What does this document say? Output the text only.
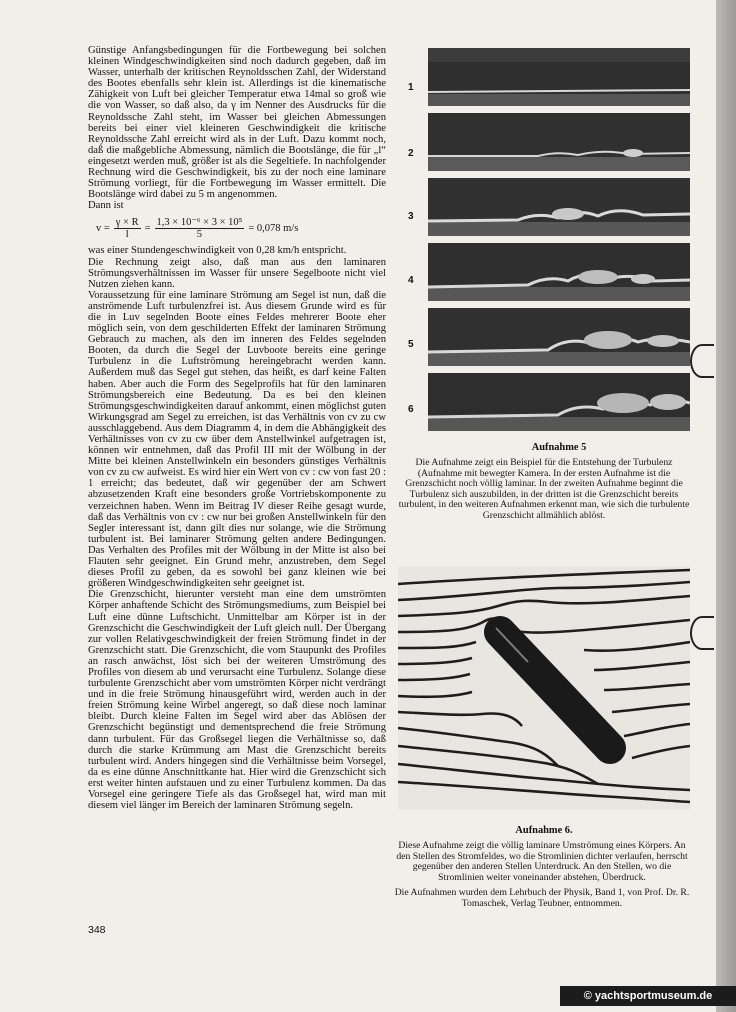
Günstige Anfangsbedingungen für die Fortbewegung bei solchen kleinen Windgeschwindigkeiten sind noch dadurch gegeben, daß im Wasser, unterhalb der kritischen Reynoldsschen Zahl, der Widerstand des Bootes ebenfalls sehr klein ist. Allerdings ist die kinematische Zähigkeit von Luft bei gleicher Temperatur etwa 14mal so groß wie die von Wasser, so daß also, da γ im Nenner des Ausdrucks für die Reynoldssche Zahl steht, im Wasser bei gleichen Abmessungen bereits bei einer viel kleineren Geschwindigkeit die kritische Reynoldssche Zahl erreicht wird als in der Luft. Dazu kommt noch, daß die maßgebliche Abmessung, nämlich die Bootslänge, die für „l“ eingesetzt werden muß, größer ist als die Segeltiefe. In nachfolgender Rechnung wird die Geschwindigkeit, bis zu der noch eine laminare Strömung vorliegt, für die Fortbewegung im Wasser ermittelt. Die Bootslänge wird dabei zu 5 m angenommen.

Dann ist

$v = \frac{\gamma \times R}{l} = \frac{\text{1,3 × 10⁻⁶ × 3 × 10⁵}}{5} = 0,078$ m/s

was einer Stundengeschwindigkeit von 0,28 km/h entspricht.

Die Rechnung zeigt also, daß man aus den laminaren Strömungsverhältnissen im Wasser für unsere Segelboote nicht viel Nutzen ziehen kann.

Voraussetzung für eine laminare Strömung am Segel ist nun, daß die anströmende Luft turbulenzfrei ist. Aus diesem Grunde wird es für die in Luv segelnden Boote eines Feldes mehrerer Boote eher möglich sein, von dem geschilderten Effekt der laminaren Strömung Gebrauch zu machen, als den im inneren des Feldes segelnden Booten, da durch die Segel der Luvboote bereits eine geringe Turbulenz in die Luftströmung hereingebracht werden kann. Außerdem muß das Segel gut stehen, das heißt, es darf keine Falten haben. Aber auch die Form des Segelprofils hat für den laminaren Strömungsbereich eine Bedeutung. Da es bei den kleinen Strömungsgeschwindigkeiten darauf ankommt, einen möglichst guten Wirkungsgrad am Segel zu erreichen, ist das Verhältnis von cv zu cw ausschlaggebend. Aus dem Diagramm 4, in dem die Abhängigkeit des Verhältnisses von cv zu cw über dem Anstellwinkel aufgetragen ist, können wir entnehmen, daß das Profil III mit der Wölbung in der Mitte bei kleinen Anstellwinkeln ein besonders günstiges Verhältnis von cv zu cw aufweist. Es wird hier ein Wert von cv : cw von fast 20 : 1 erreicht; das bedeutet, daß wir gegenüber der am Schwert abzusetzenden Kraft eine besonders große Vortriebskomponente zu verzeichnen haben. Wenn im Beitrag IV dieser Reihe gesagt wurde, daß das Verhältnis von cv : cw nur bei großen Anstellwinkeln für den Segler interessant ist, dann gilt dies nur solange, wie die Strömung turbulent ist. Bei laminarer Strömung gelten andere Bedingungen. Das Verhalten des Profiles mit der Wölbung in der Mitte ist also bei Flauten sehr geeignet. Ein Grund mehr, anzustreben, dem Segel dieses Profil zu geben, da es sowohl bei ganz kleinen wie bei größeren Windgeschwindigkeiten sehr geeignet ist.

Die Grenzschicht, hierunter versteht man eine dem umströmten Körper anhaftende Schicht des Strömungsmediums, zum Beispiel bei Luft eine dünne Luftschicht. Unmittelbar am Körper ist in der Grenzschicht die Geschwindigkeit der Luft gleich null. Der Übergang zur vollen Relativgeschwindigkeit der freien Strömung findet in der Grenzschicht statt. Die Grenzschicht, die vom Staupunkt des Profiles an rasch anwächst, löst sich bei der weiteren Umströmung des Profiles von diesem ab und verursacht eine Turbulenz. Solange diese turbulente Grenzschicht aber vom umströmten Körper nicht verdrängt und in die freie Strömung hinausgeführt wird, werden auch in der freien Strömung keine Wirbel angeregt, so daß diese noch laminar bleibt. Durch kleine Falten im Segel wird aber das Ablösen der Grenzschicht begünstigt und dementsprechend die freie Strömung dann turbulent. Für das Großsegel liegen die Verhältnisse so, daß durch die starke Krümmung am Mast die Grenzschicht bereits turbulent wird. Anders hingegen sind die Verhältnisse beim Vorsegel, da es eine dünne Anschnittkante hat. Hier wird die Grenzschicht sich erst weiter hinten aufstauen und zu einer Turbulenz kommen. Da das Vorsegel eine geringere Tiefe als das Großsegel hat, wird man mit diesem viel länger im Bereich der laminaren Strömung segeln.

1
2
3
4
5
6
Aufnahme 5
Die Aufnahme zeigt ein Beispiel für die Entstehung der Turbulenz (Aufnahme mit bewegter Kamera. In der ersten Aufnahme ist die Grenzschicht noch völlig laminar. In der zweiten Aufnahme beginnt die Turbulenz sich auszubilden, in der dritten ist die Grenzschicht bereits turbulent, in den weiteren Aufnahmen erkennt man, wie sich die turbulente Grenzschicht allmählich ablöst.
Aufnahme 6.
Diese Aufnahme zeigt die völlig laminare Umströmung eines Körpers. An den Stellen des Stromfeldes, wo die Stromlinien dichter verlaufen, herrscht gegenüber den anderen Stellen Unterdruck. An den Stellen, wo die Stromlinien weiter voneinander abstehen, Überdruck.
Die Aufnahmen wurden dem Lehrbuch der Physik, Band 1, von Prof. Dr. R. Tomaschek, Verlag Teubner, entnommen.
348
© yachtsportmuseum.de
